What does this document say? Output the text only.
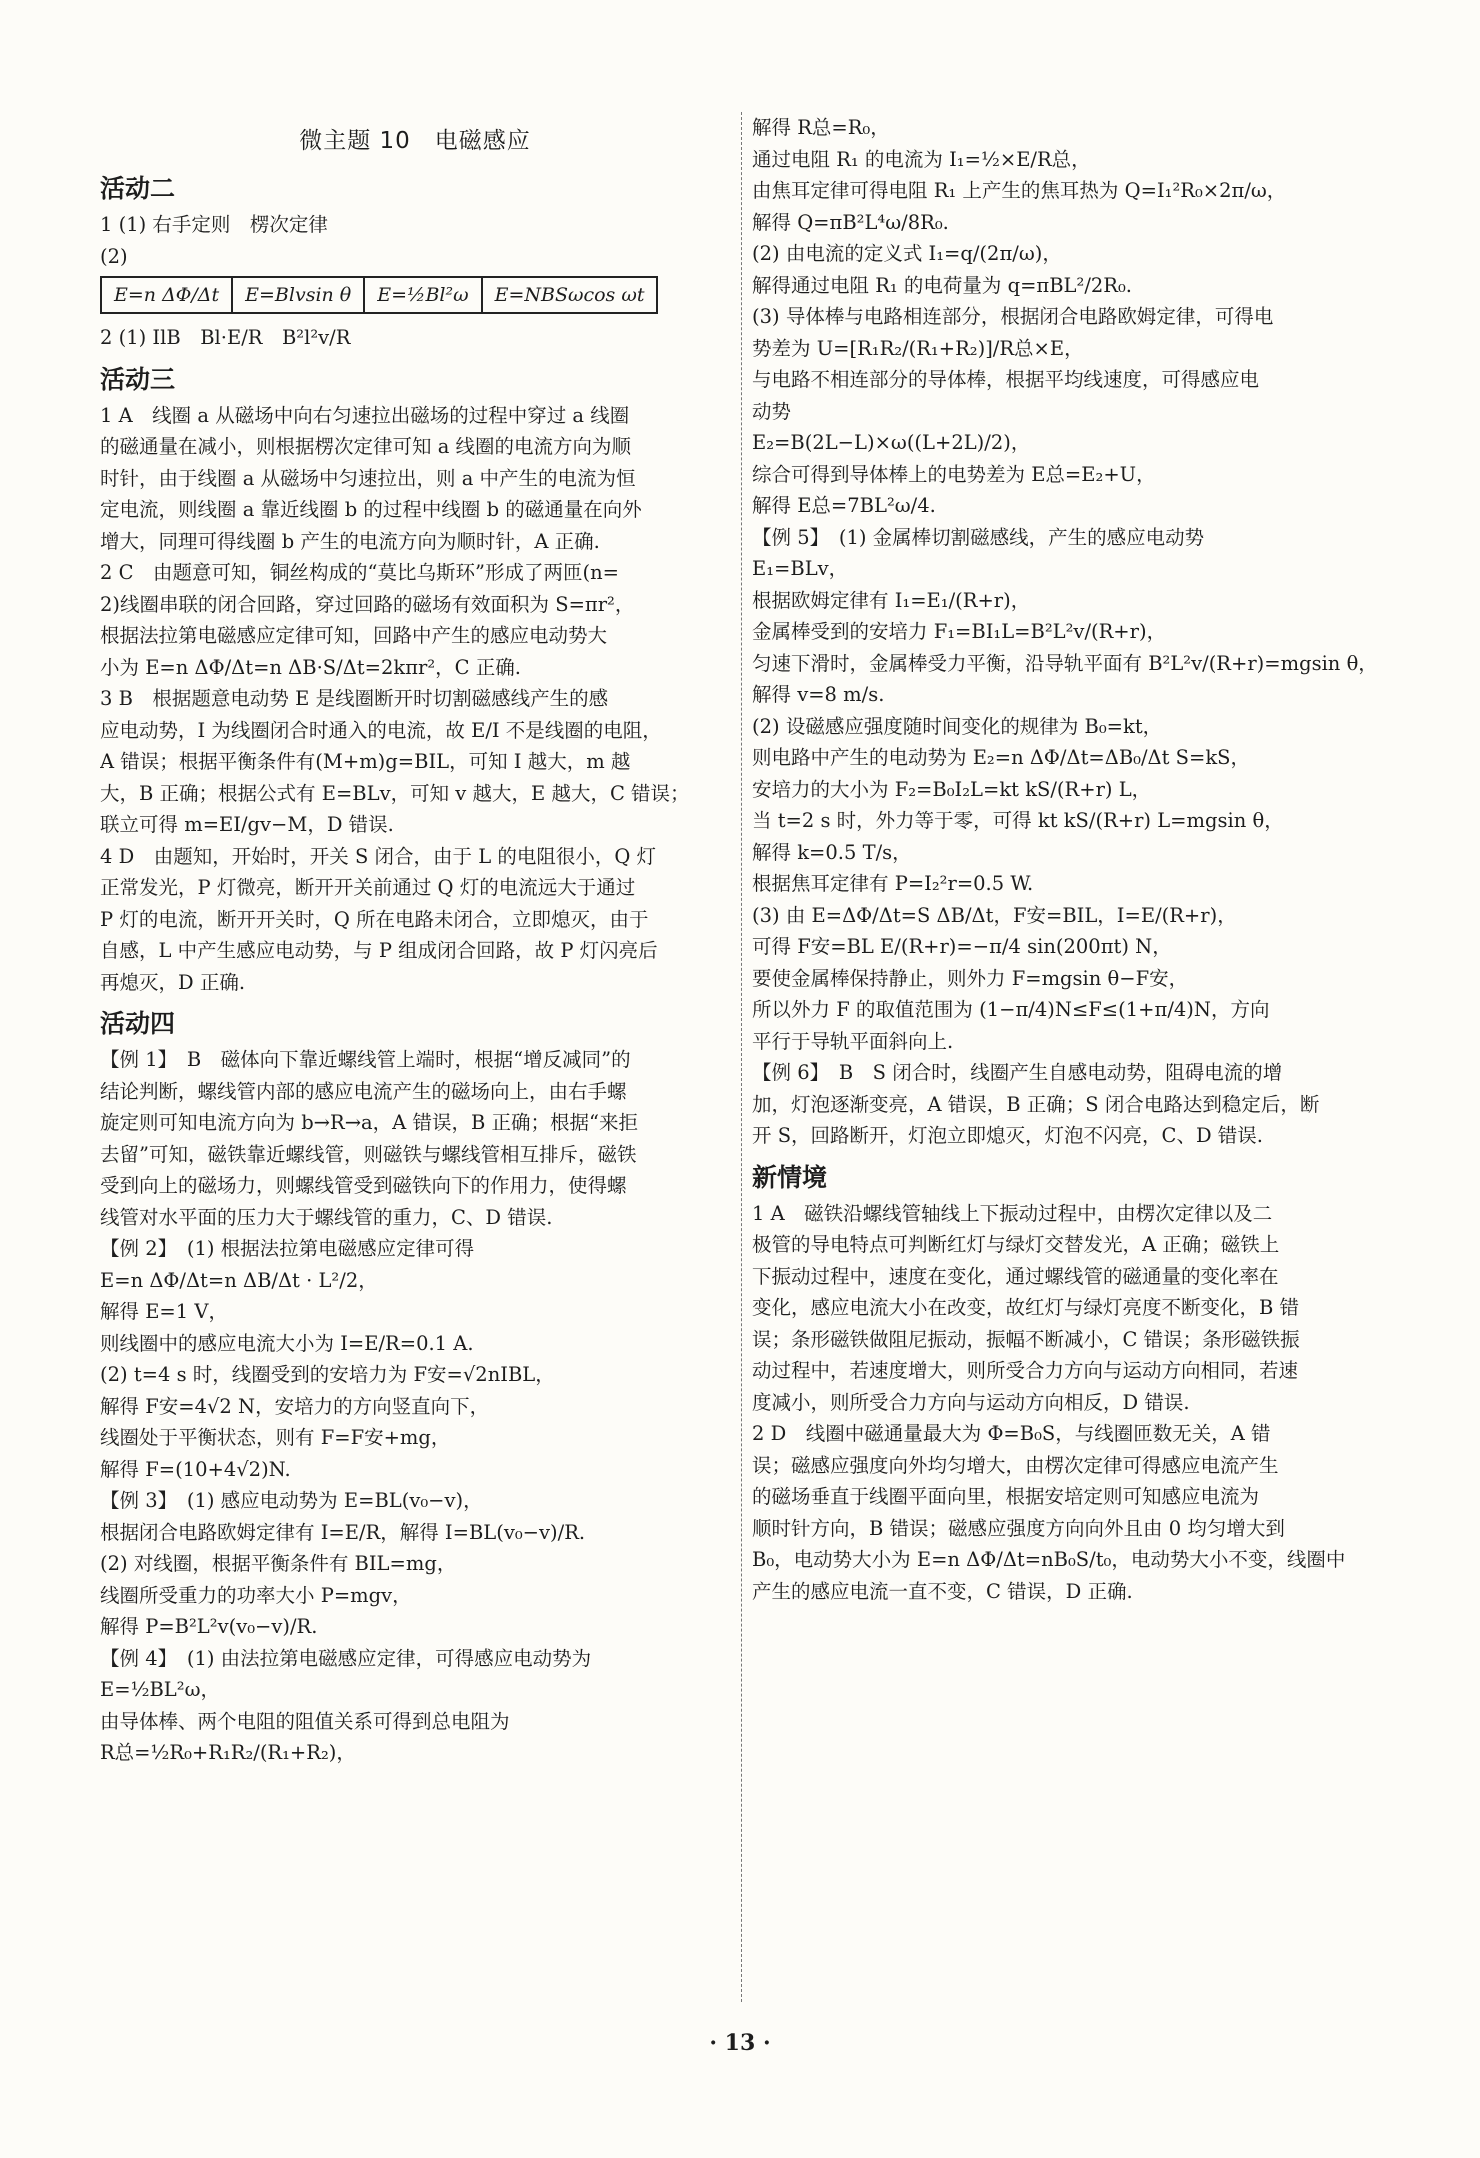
微主题 10　电磁感应
活动二

1 (1) 右手定则　楞次定律

(2)

E=n ΔΦ/Δt	E=Blvsin θ	E=½Bl²ω	E=NBSωcos ωt

2 (1) IlB　Bl·E/R　B²l²v/R

活动三

1 A　线圈 a 从磁场中向右匀速拉出磁场的过程中穿过 a 线圈

的磁通量在减小，则根据楞次定律可知 a 线圈的电流方向为顺

时针，由于线圈 a 从磁场中匀速拉出，则 a 中产生的电流为恒

定电流，则线圈 a 靠近线圈 b 的过程中线圈 b 的磁通量在向外

增大，同理可得线圈 b 产生的电流方向为顺时针，A 正确.

2 C　由题意可知，铜丝构成的“莫比乌斯环”形成了两匝(n=

2)线圈串联的闭合回路，穿过回路的磁场有效面积为 S=πr²，

根据法拉第电磁感应定律可知，回路中产生的感应电动势大

小为 E=n ΔΦ/Δt=n ΔB·S/Δt=2kπr²，C 正确.

3 B　根据题意电动势 E 是线圈断开时切割磁感线产生的感

应电动势，I 为线圈闭合时通入的电流，故 E/I 不是线圈的电阻，

A 错误；根据平衡条件有(M+m)g=BIL，可知 I 越大，m 越

大，B 正确；根据公式有 E=BLv，可知 v 越大，E 越大，C 错误；

联立可得 m=EI/gv−M，D 错误.

4 D　由题知，开始时，开关 S 闭合，由于 L 的电阻很小，Q 灯

正常发光，P 灯微亮，断开开关前通过 Q 灯的电流远大于通过

P 灯的电流，断开开关时，Q 所在电路未闭合，立即熄灭，由于

自感，L 中产生感应电动势，与 P 组成闭合回路，故 P 灯闪亮后

再熄灭，D 正确.

活动四

【例 1】　B　磁体向下靠近螺线管上端时，根据“增反减同”的

结论判断，螺线管内部的感应电流产生的磁场向上，由右手螺

旋定则可知电流方向为 b→R→a，A 错误，B 正确；根据“来拒

去留”可知，磁铁靠近螺线管，则磁铁与螺线管相互排斥，磁铁

受到向上的磁场力，则螺线管受到磁铁向下的作用力，使得螺

线管对水平面的压力大于螺线管的重力，C、D 错误.

【例 2】　(1) 根据法拉第电磁感应定律可得

E=n ΔΦ/Δt=n ΔB/Δt · L²/2，

解得 E=1 V，

则线圈中的感应电流大小为 I=E/R=0.1 A.

(2) t=4 s 时，线圈受到的安培力为 F安=√2nIBL，

解得 F安=4√2 N，安培力的方向竖直向下，

线圈处于平衡状态，则有 F=F安+mg，

解得 F=(10+4√2)N.

【例 3】　(1) 感应电动势为 E=BL(v₀−v)，

根据闭合电路欧姆定律有 I=E/R，解得 I=BL(v₀−v)/R.

(2) 对线圈，根据平衡条件有 BIL=mg，

线圈所受重力的功率大小 P=mgv，

解得 P=B²L²v(v₀−v)/R.

【例 4】　(1) 由法拉第电磁感应定律，可得感应电动势为

E=½BL²ω，

由导体棒、两个电阻的阻值关系可得到总电阻为

R总=½R₀+R₁R₂/(R₁+R₂)，

解得 R总=R₀，

通过电阻 R₁ 的电流为 I₁=½×E/R总，

由焦耳定律可得电阻 R₁ 上产生的焦耳热为 Q=I₁²R₀×2π/ω，

解得 Q=πB²L⁴ω/8R₀.

(2) 由电流的定义式 I₁=q/(2π/ω)，

解得通过电阻 R₁ 的电荷量为 q=πBL²/2R₀.

(3) 导体棒与电路相连部分，根据闭合电路欧姆定律，可得电

势差为 U=[R₁R₂/(R₁+R₂)]/R总×E，

与电路不相连部分的导体棒，根据平均线速度，可得感应电

动势

E₂=B(2L−L)×ω((L+2L)/2)，

综合可得到导体棒上的电势差为 E总=E₂+U，

解得 E总=7BL²ω/4.

【例 5】　(1) 金属棒切割磁感线，产生的感应电动势

E₁=BLv，

根据欧姆定律有 I₁=E₁/(R+r)，

金属棒受到的安培力 F₁=BI₁L=B²L²v/(R+r)，

匀速下滑时，金属棒受力平衡，沿导轨平面有 B²L²v/(R+r)=mgsin θ，

解得 v=8 m/s.

(2) 设磁感应强度随时间变化的规律为 B₀=kt，

则电路中产生的电动势为 E₂=n ΔΦ/Δt=ΔB₀/Δt S=kS，

安培力的大小为 F₂=B₀I₂L=kt kS/(R+r) L，

当 t=2 s 时，外力等于零，可得 kt kS/(R+r) L=mgsin θ，

解得 k=0.5 T/s，

根据焦耳定律有 P=I₂²r=0.5 W.

(3) 由 E=ΔΦ/Δt=S ΔB/Δt，F安=BIL，I=E/(R+r)，

可得 F安=BL E/(R+r)=−π/4 sin(200πt) N，

要使金属棒保持静止，则外力 F=mgsin θ−F安，

所以外力 F 的取值范围为 (1−π/4)N≤F≤(1+π/4)N，方向

平行于导轨平面斜向上.

【例 6】　B　S 闭合时，线圈产生自感电动势，阻碍电流的增

加，灯泡逐渐变亮，A 错误，B 正确；S 闭合电路达到稳定后，断

开 S，回路断开，灯泡立即熄灭，灯泡不闪亮，C、D 错误.

新情境

1 A　磁铁沿螺线管轴线上下振动过程中，由楞次定律以及二

极管的导电特点可判断红灯与绿灯交替发光，A 正确；磁铁上

下振动过程中，速度在变化，通过螺线管的磁通量的变化率在

变化，感应电流大小在改变，故红灯与绿灯亮度不断变化，B 错

误；条形磁铁做阻尼振动，振幅不断减小，C 错误；条形磁铁振

动过程中，若速度增大，则所受合力方向与运动方向相同，若速

度减小，则所受合力方向与运动方向相反，D 错误.

2 D　线圈中磁通量最大为 Φ=B₀S，与线圈匝数无关，A 错

误；磁感应强度向外均匀增大，由楞次定律可得感应电流产生

的磁场垂直于线圈平面向里，根据安培定则可知感应电流为

顺时针方向，B 错误；磁感应强度方向向外且由 0 均匀增大到

B₀，电动势大小为 E=n ΔΦ/Δt=nB₀S/t₀，电动势大小不变，线圈中

产生的感应电流一直不变，C 错误，D 正确.

· 13 ·
